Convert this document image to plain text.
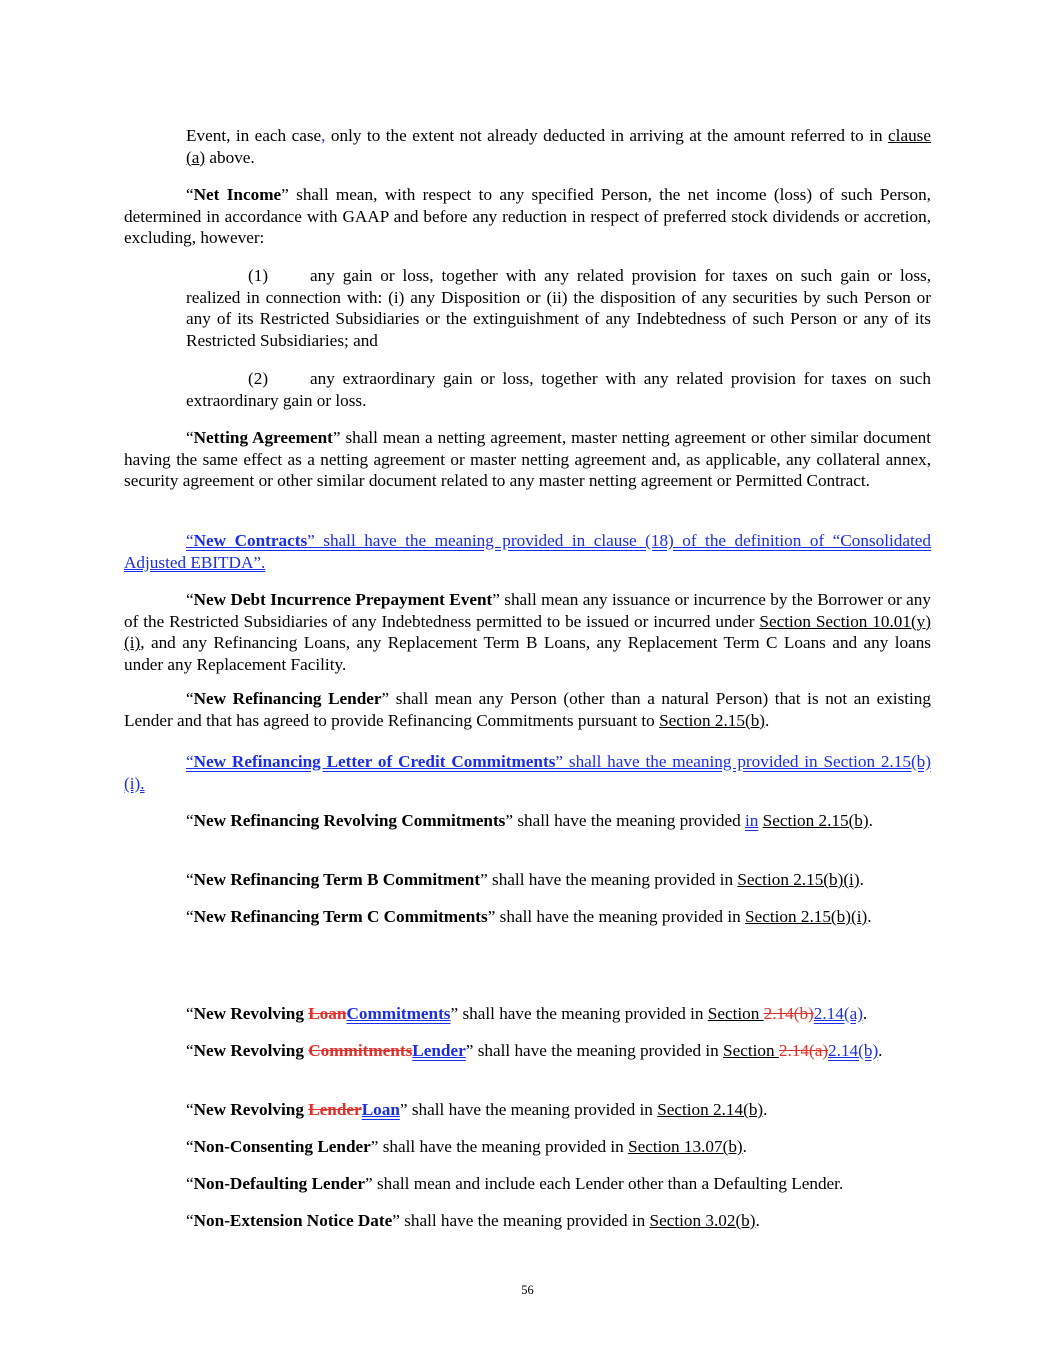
Event, in each case, only to the extent not already deducted in arriving at the amount referred to in clause (a) above.

“Net Income” shall mean, with respect to any specified Person, the net income (loss) of such Person, determined in accordance with GAAP and before any reduction in respect of preferred stock dividends or accretion, excluding, however:

(1) any gain or loss, together with any related provision for taxes on such gain or loss, realized in connection with: (i) any Disposition or (ii) the disposition of any securities by such Person or any of its Restricted Subsidiaries or the extinguishment of any Indebtedness of such Person or any of its Restricted Subsidiaries; and

(2) any extraordinary gain or loss, together with any related provision for taxes on such extraordinary gain or loss.

“Netting Agreement” shall mean a netting agreement, master netting agreement or other similar document having the same effect as a netting agreement or master netting agreement and, as applicable, any collateral annex, security agreement or other similar document related to any master netting agreement or Permitted Contract.

“New Contracts” shall have the meaning provided in clause (18) of the definition of “Consolidated Adjusted EBITDA”.

“New Debt Incurrence Prepayment Event” shall mean any issuance or incurrence by the Borrower or any of the Restricted Subsidiaries of any Indebtedness permitted to be issued or incurred under Section Section 10.01(y)(i), and any Refinancing Loans, any Replacement Term B Loans, any Replacement Term C Loans and any loans under any Replacement Facility.

“New Refinancing Lender” shall mean any Person (other than a natural Person) that is not an existing Lender and that has agreed to provide Refinancing Commitments pursuant to Section 2.15(b).

“New Refinancing Letter of Credit Commitments” shall have the meaning provided in Section 2.15(b)(i).

“New Refinancing Revolving Commitments” shall have the meaning provided in Section 2.15(b).

“New Refinancing Term B Commitment” shall have the meaning provided in Section 2.15(b)(i).

“New Refinancing Term C Commitments” shall have the meaning provided in Section 2.15(b)(i).

“New Revolving LoanCommitments” shall have the meaning provided in Section 2.14(b)2.14(a).

“New Revolving CommitmentsLender” shall have the meaning provided in Section 2.14(a)2.14(b).

“New Revolving LenderLoan” shall have the meaning provided in Section 2.14(b).

“Non-Consenting Lender” shall have the meaning provided in Section 13.07(b).

“Non-Defaulting Lender” shall mean and include each Lender other than a Defaulting Lender.

“Non-Extension Notice Date” shall have the meaning provided in Section 3.02(b).

56
